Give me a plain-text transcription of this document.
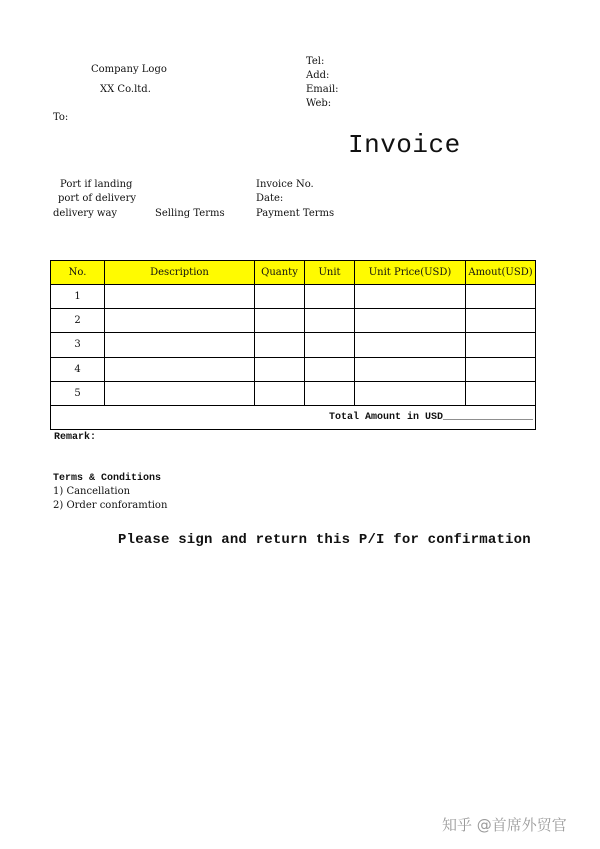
Company Logo
XX Co.ltd.
Tel:
Add:
Email:
Web:
To:
Invoice
Port if landing
port of delivery
delivery way	Selling Terms
Invoice No.
Date:
Payment Terms
No.	Description	Quanty	Unit	Unit Price(USD)	Amout(USD)
1					
2					
3					
4					
5					
Total Amount in USD_______________					
Remark:
Terms & Conditions
1) Cancellation
2) Order conforamtion
Please sign and return this P/I for confirmation
知乎 @首席外贸官
